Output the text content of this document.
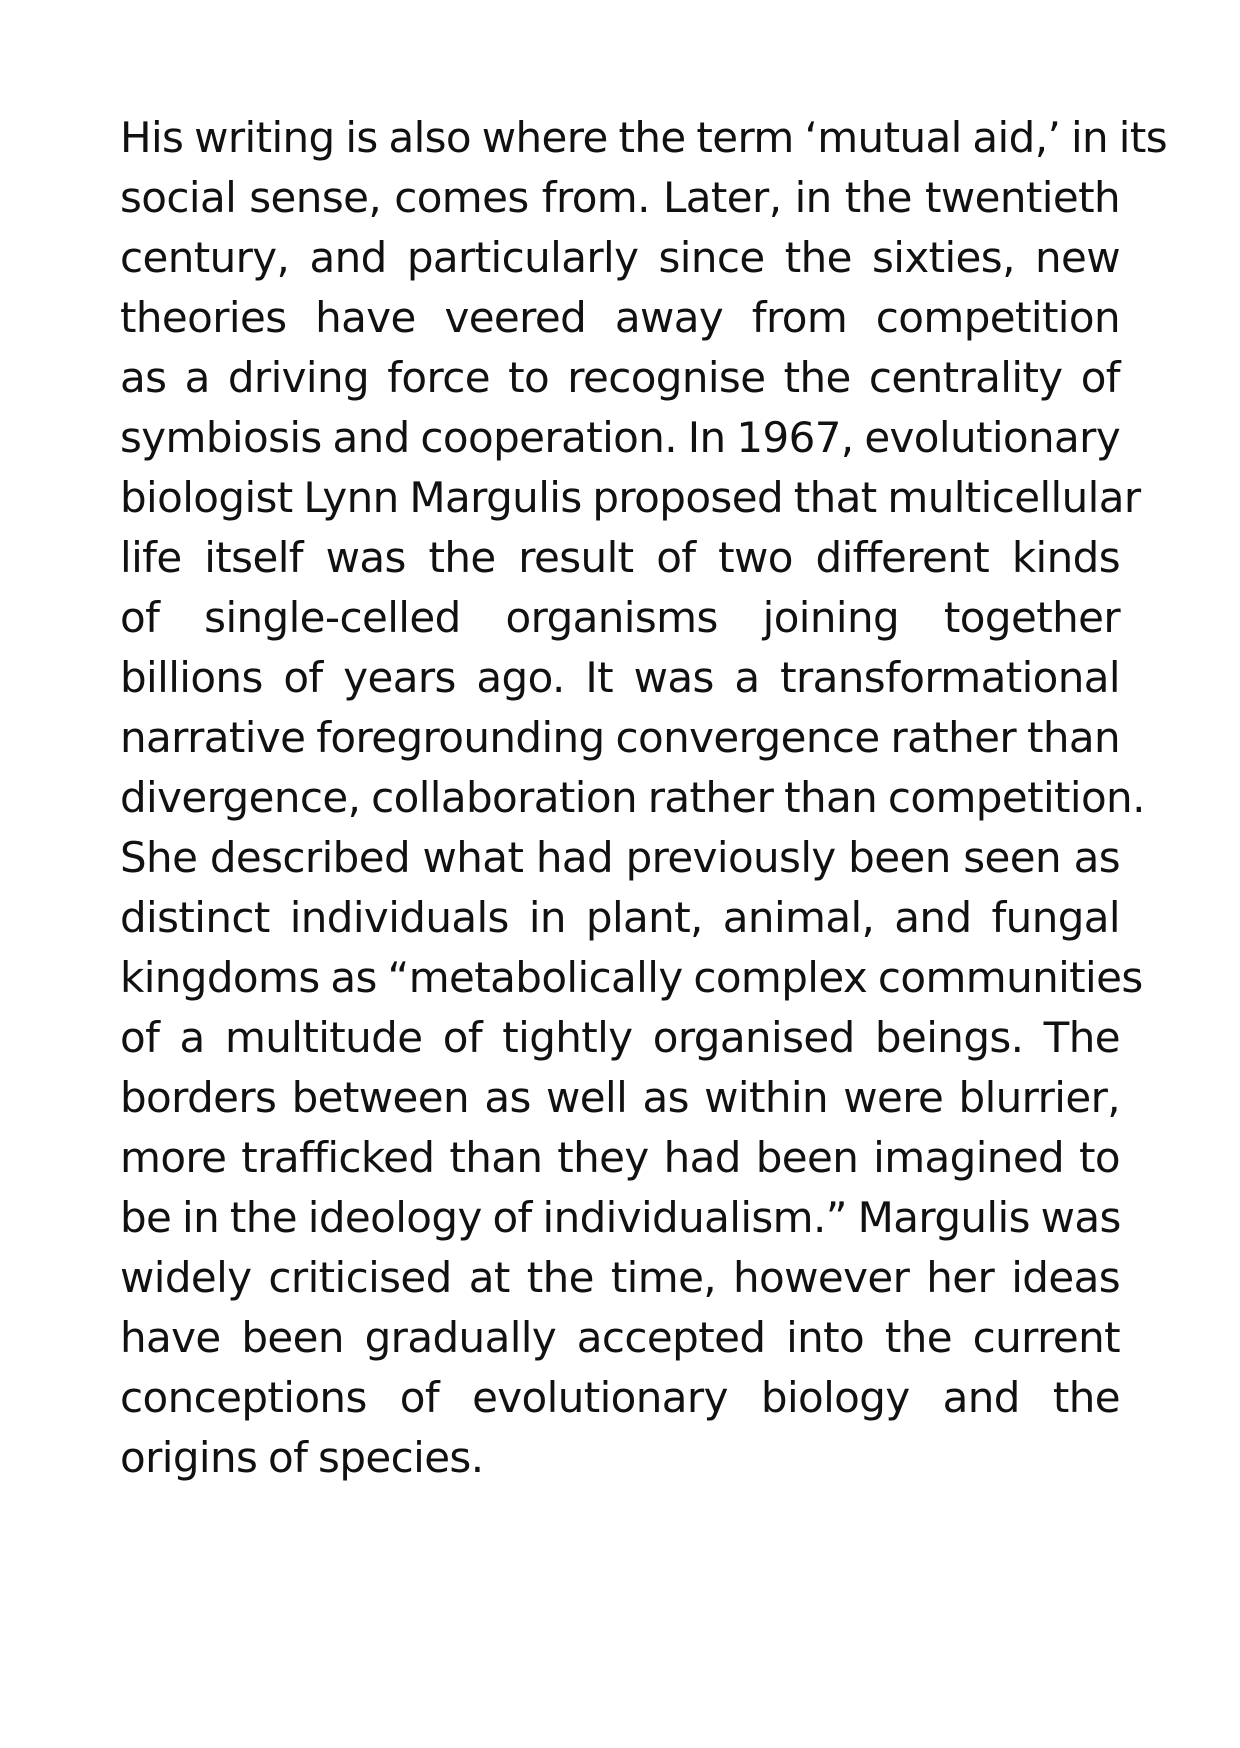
His writing is also where the term ‘mutual aid,’ in its
social sense, comes from. Later, in the twentieth
century, and particularly since the sixties, new
theories have veered away from competition
as a driving force to recognise the centrality of
symbiosis and cooperation. In 1967, evolutionary
biologist Lynn Margulis proposed that multicellular
life itself was the result of two different kinds
of single-celled organisms joining together
billions of years ago. It was a transformational
narrative foregrounding convergence rather than
divergence, collaboration rather than competition.
She described what had previously been seen as
distinct individuals in plant, animal, and fungal
kingdoms as “metabolically complex communities
of a multitude of tightly organised beings. The
borders between as well as within were blurrier,
more trafficked than they had been imagined to
be in the ideology of individualism.” Margulis was
widely criticised at the time, however her ideas
have been gradually accepted into the current
conceptions of evolutionary biology and the
origins of species.
